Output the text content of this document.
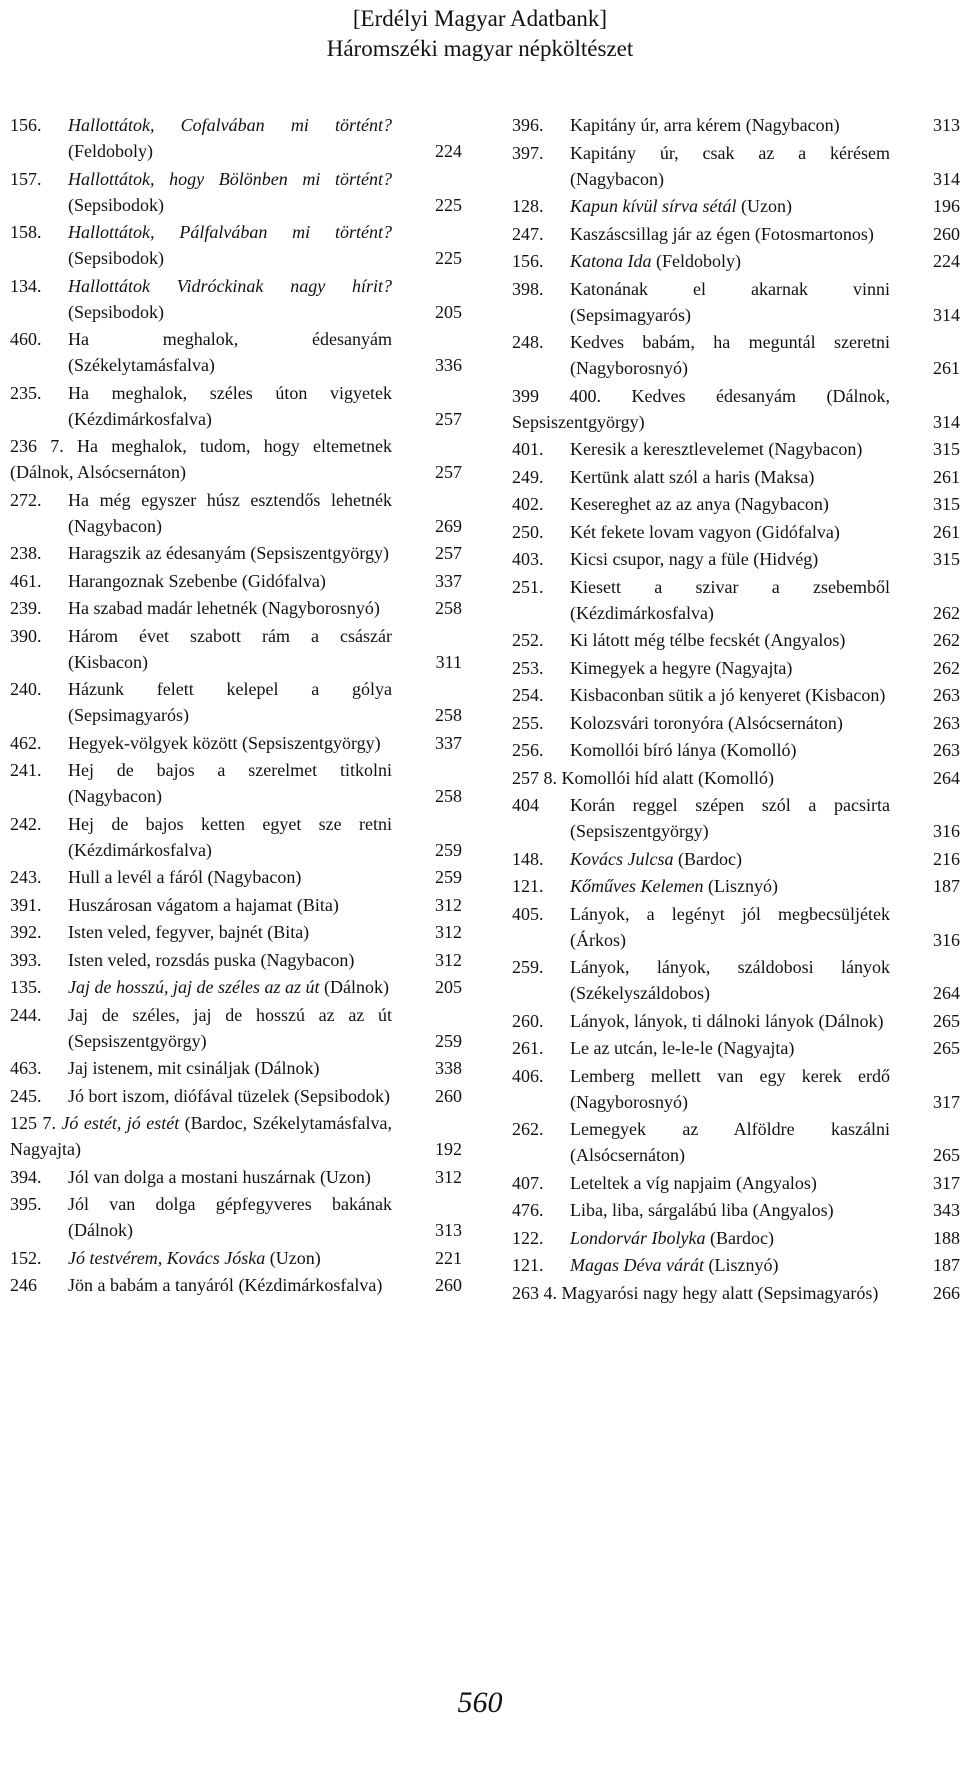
[Erdélyi Magyar Adatbank]
Háromszéki magyar népköltészet
156. Hallottátok, Cofalvában mi történt? (Feldoboly)	224
157. Hallottátok, hogy Bölönben mi történt? (Sepsibodok)	225
158. Hallottátok, Pálfalvában mi történt? (Sepsibodok)	225
134. Hallottátok Vidróckinak nagy hírit? (Sepsibodok)	205
460. Ha meghalok, édesanyám (Székelytamásfalva)	336
235. Ha meghalok, széles úton vigyetek (Kézdimárkosfalva)	257
236 7. Ha meghalok, tudom, hogy eltemetnek (Dálnok, Alsócsernáton)	257
272. Ha még egyszer húsz esztendős lehetnék (Nagybacon)	269
238. Haragszik az édesanyám (Sepsiszentgyörgy)	257
461. Harangoznak Szebenbe (Gidófalva)	337
239. Ha szabad madár lehetnék (Nagyborosnyó)	258
390. Három évet szabott rám a császár (Kisbacon)	311
240. Házunk felett kelepel a gólya (Sepsimagyarós)	258
462. Hegyek-völgyek között (Sepsiszentgyörgy)	337
241. Hej de bajos a szerelmet titkolni (Nagybacon)	258
242. Hej de bajos ketten egyet sze retni (Kézdimárkosfalva)	259
243. Hull a levél a fáról (Nagybacon)	259
391. Huszárosan vágatom a hajamat (Bita)	312
392. Isten veled, fegyver, bajnét (Bita)	312
393. Isten veled, rozsdás puska (Nagybacon)	312
135. Jaj de hosszú, jaj de széles az az út (Dálnok)	205
244. Jaj de széles, jaj de hosszú az az út (Sepsiszentgyörgy)	259
463. Jaj istenem, mit csináljak (Dálnok)	338
245. Jó bort iszom, diófával tüzelek (Sepsibodok)	260
125 7. Jó estét, jó estét (Bardoc, Székelytamásfalva, Nagyajta)	192
394. Jól van dolga a mostani huszárnak (Uzon)	312
395. Jól van dolga gépfegyveres bakának (Dálnok)	313
152. Jó testvérem, Kovács Jóska (Uzon)	221
246 Jön a babám a tanyáról (Kézdimárkosfalva)	260
396. Kapitány úr, arra kérem (Nagybacon)	313
397. Kapitány úr, csak az a kérésem (Nagybacon)	314
128. Kapun kívül sírva sétál (Uzon)	196
247. Kaszáscsillag jár az égen (Fotosmartonos)	260
156. Katona Ida (Feldoboly)	224
398. Katonának el akarnak vinni (Sepsimagyarós)	314
248. Kedves babám, ha meguntál szeretni (Nagyborosnyó)	261
399 400. Kedves édesanyám (Dálnok, Sepsiszentgyörgy)	314
401. Keresik a keresztlevelemet (Nagybacon)	315
249. Kertünk alatt szól a haris (Maksa)	261
402. Kesereghet az az anya (Nagybacon)	315
250. Két fekete lovam vagyon (Gidófalva)	261
403. Kicsi csupor, nagy a füle (Hidvég)	315
251. Kiesett a szivar a zsebemből (Kézdimárkosfalva)	262
252. Ki látott még télbe fecskét (Angyalos)	262
253. Kimegyek a hegyre (Nagyajta)	262
254. Kisbaconban sütik a jó kenyeret (Kisbacon)	263
255. Kolozsvári toronyóra (Alsócsernáton)	263
256. Komollói bíró lánya (Komolló)	263
257 8. Komollói híd alatt (Komolló)	264
404 Korán reggel szépen szól a pacsirta (Sepsiszentgyörgy)	316
148. Kovács Julcsa (Bardoc)	216
121. Kőműves Kelemen (Lisznyó)	187
405. Lányok, a legényt jól megbecsüljétek (Árkos)	316
259. Lányok, lányok, száldobosi lányok (Székelyszáldobos)	264
260. Lányok, lányok, ti dálnoki lányok (Dálnok)	265
261. Le az utcán, le-le-le (Nagyajta)	265
406. Lemberg mellett van egy kerek erdő (Nagyborosnyó)	317
262. Lemegyek az Alföldre kaszálni (Alsócsernáton)	265
407. Leteltek a víg napjaim (Angyalos)	317
476. Liba, liba, sárgalábú liba (Angyalos)	343
122. Londorvár Ibolyka (Bardoc)	188
121. Magas Déva várát (Lisznyó)	187
263 4. Magyarósi nagy hegy alatt (Sepsimagyarós)	266
560
